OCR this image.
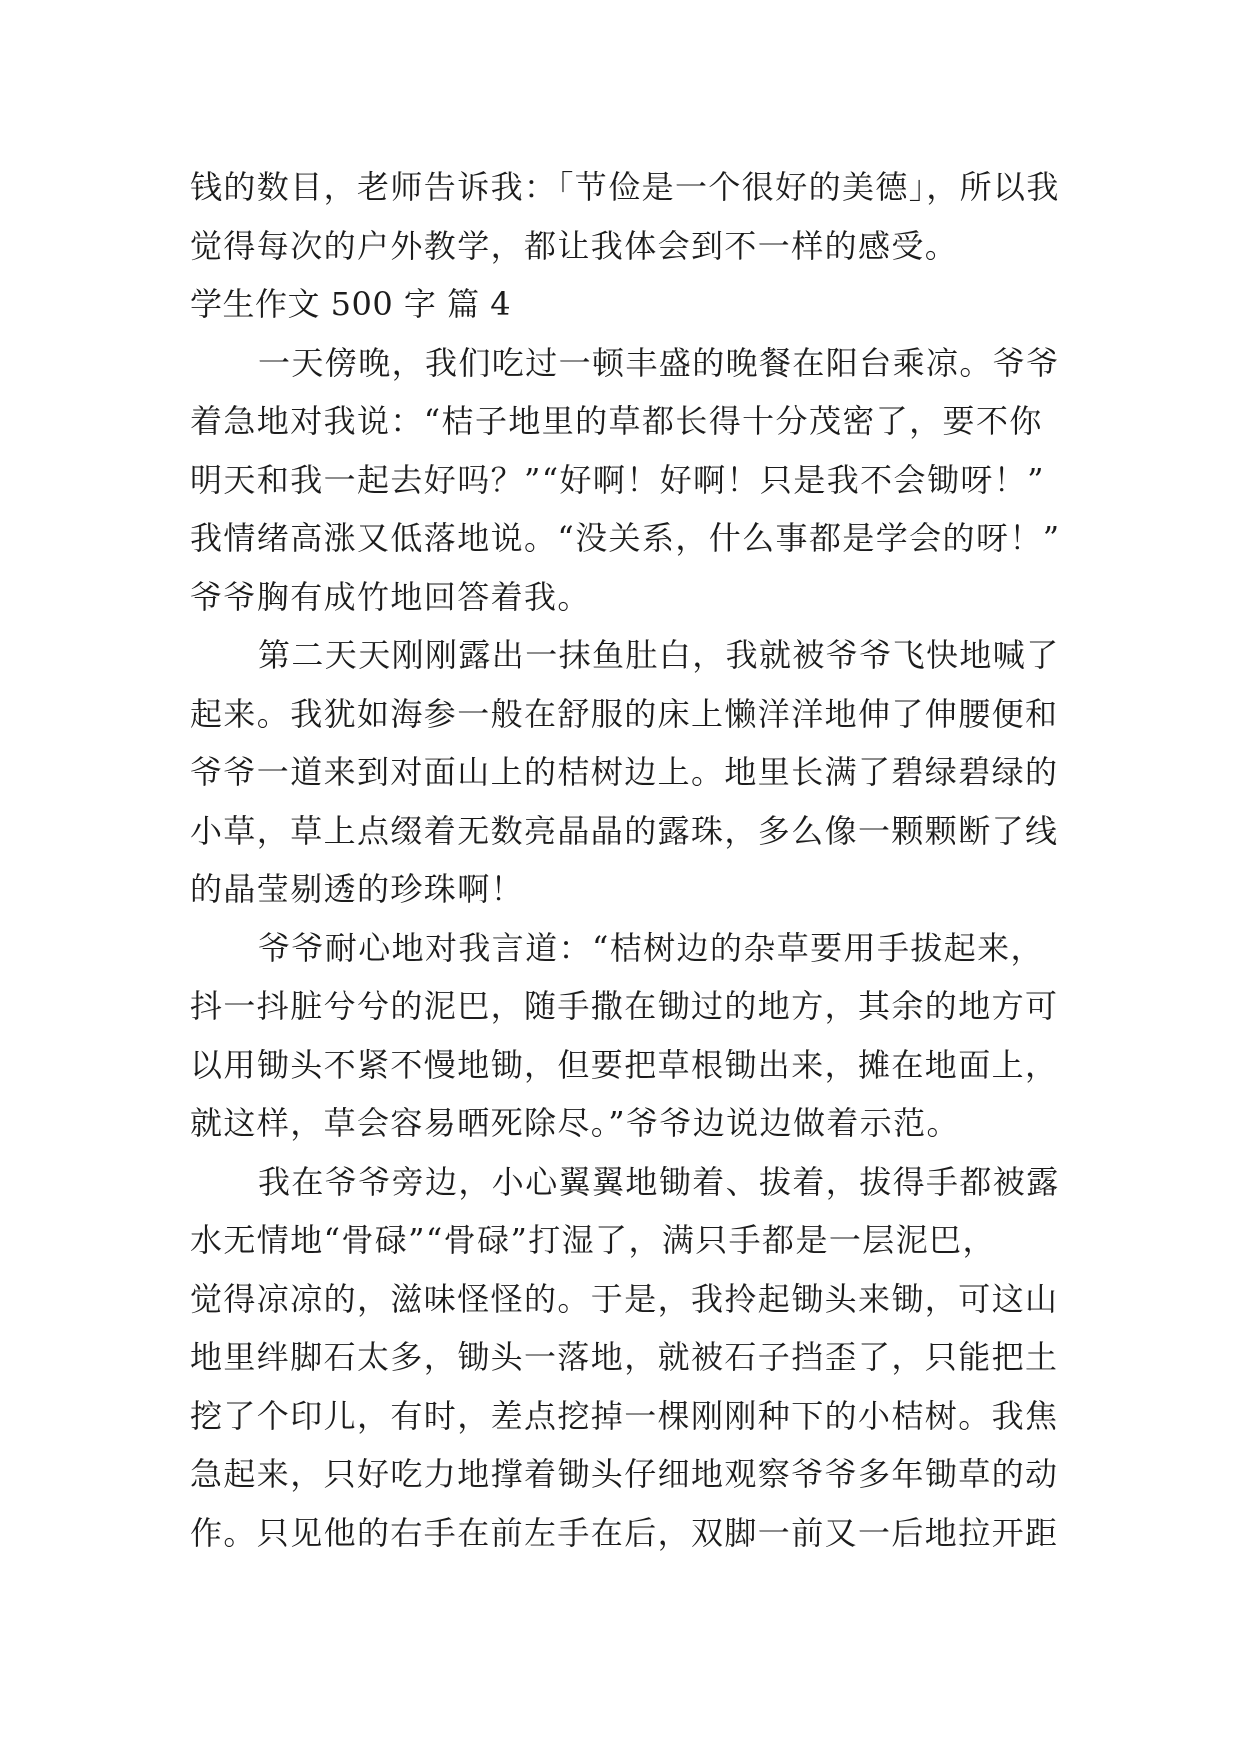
钱的数目，老师告诉我：「节俭是一个很好的美德」，所以我
觉得每次的户外教学，都让我体会到不一样的感受。
学生作文 500 字 篇 4
一天傍晚，我们吃过一顿丰盛的晚餐在阳台乘凉。爷爷
着急地对我说：“桔子地里的草都长得十分茂密了，要不你
明天和我一起去好吗？”“好啊！好啊！只是我不会锄呀！”
我情绪高涨又低落地说。“没关系，什么事都是学会的呀！”
爷爷胸有成竹地回答着我。
第二天天刚刚露出一抹鱼肚白，我就被爷爷飞快地喊了
起来。我犹如海参一般在舒服的床上懒洋洋地伸了伸腰便和
爷爷一道来到对面山上的桔树边上。地里长满了碧绿碧绿的
小草，草上点缀着无数亮晶晶的露珠，多么像一颗颗断了线
的晶莹剔透的珍珠啊！
爷爷耐心地对我言道：“桔树边的杂草要用手拔起来，
抖一抖脏兮兮的泥巴，随手撒在锄过的地方，其余的地方可
以用锄头不紧不慢地锄，但要把草根锄出来，摊在地面上，
就这样，草会容易晒死除尽。”爷爷边说边做着示范。
我在爷爷旁边，小心翼翼地锄着、拔着，拔得手都被露
水无情地“骨碌”“骨碌”打湿了，满只手都是一层泥巴，
觉得凉凉的，滋味怪怪的。于是，我拎起锄头来锄，可这山
地里绊脚石太多，锄头一落地，就被石子挡歪了，只能把土
挖了个印儿，有时，差点挖掉一棵刚刚种下的小桔树。我焦
急起来，只好吃力地撑着锄头仔细地观察爷爷多年锄草的动
作。只见他的右手在前左手在后，双脚一前又一后地拉开距
